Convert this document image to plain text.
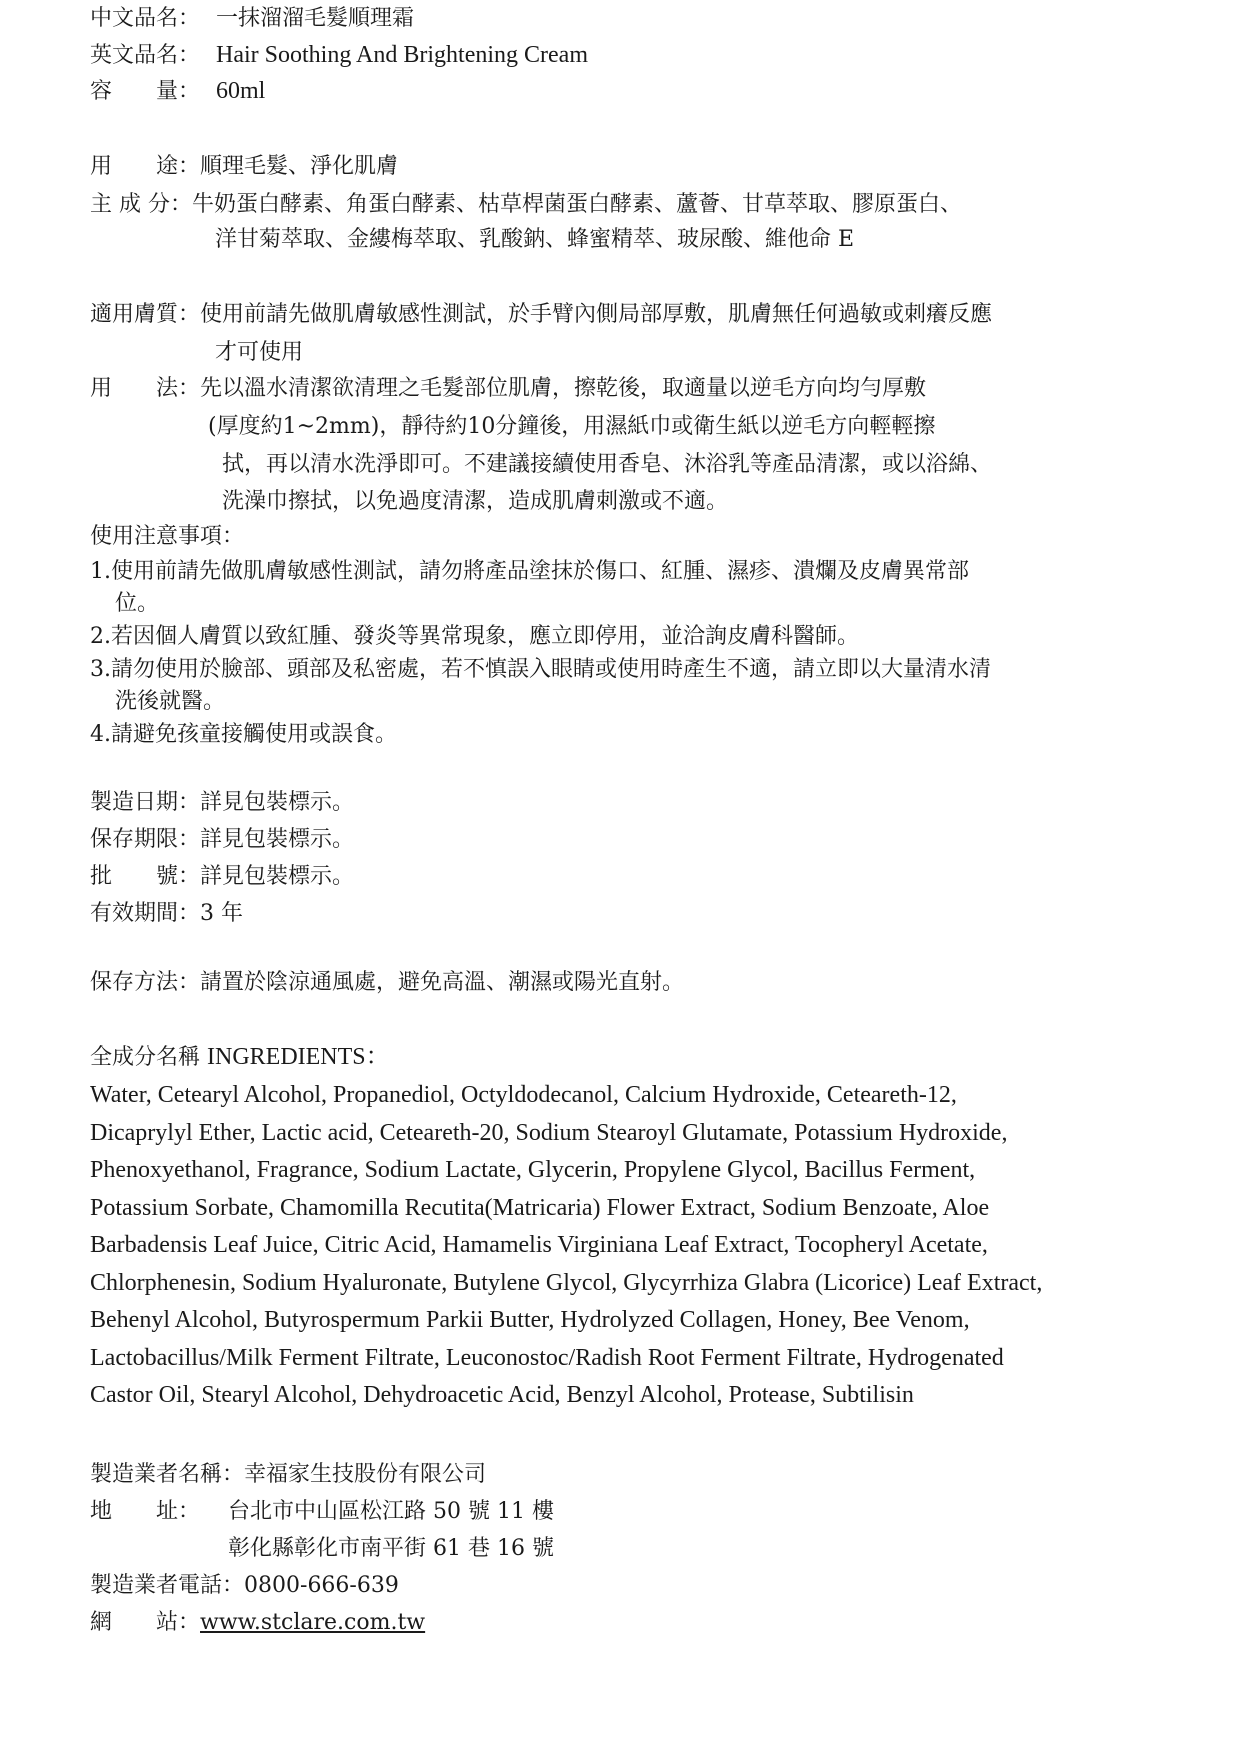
中文品名： 一抹溜溜毛髮順理霜
英文品名： Hair Soothing And Brightening Cream
容　　量： 60ml
用　　途：順理毛髮、淨化肌膚
主 成 分：牛奶蛋白酵素、角蛋白酵素、枯草桿菌蛋白酵素、蘆薈、甘草萃取、膠原蛋白、
洋甘菊萃取、金縷梅萃取、乳酸鈉、蜂蜜精萃、玻尿酸、維他命 E
適用膚質：使用前請先做肌膚敏感性測試，於手臂內側局部厚敷，肌膚無任何過敏或刺癢反應
才可使用
用　　法：先以溫水清潔欲清理之毛髮部位肌膚，擦乾後，取適量以逆毛方向均勻厚敷
(厚度約1~2mm)，靜待約10分鐘後，用濕紙巾或衛生紙以逆毛方向輕輕擦
拭，再以清水洗淨即可。不建議接續使用香皂、沐浴乳等產品清潔，或以浴綿、
洗澡巾擦拭，以免過度清潔，造成肌膚刺激或不適。
使用注意事項：
1.使用前請先做肌膚敏感性測試，請勿將產品塗抹於傷口、紅腫、濕疹、潰爛及皮膚異常部
位。
2.若因個人膚質以致紅腫、發炎等異常現象，應立即停用，並洽詢皮膚科醫師。
3.請勿使用於臉部、頭部及私密處，若不慎誤入眼睛或使用時產生不適，請立即以大量清水清
洗後就醫。
4.請避免孩童接觸使用或誤食。
製造日期：詳見包裝標示。
保存期限：詳見包裝標示。
批　　號：詳見包裝標示。
有效期間：3 年
保存方法：請置於陰涼通風處，避免高溫、潮濕或陽光直射。
全成分名稱 INGREDIENTS：
Water, Cetearyl Alcohol, Propanediol, Octyldodecanol, Calcium Hydroxide, Ceteareth-12,
Dicaprylyl Ether, Lactic acid, Ceteareth-20, Sodium Stearoyl Glutamate, Potassium Hydroxide,
Phenoxyethanol, Fragrance, Sodium Lactate, Glycerin, Propylene Glycol, Bacillus Ferment,
Potassium Sorbate, Chamomilla Recutita(Matricaria) Flower Extract, Sodium Benzoate, Aloe
Barbadensis Leaf Juice, Citric Acid, Hamamelis Virginiana Leaf Extract, Tocopheryl Acetate,
Chlorphenesin, Sodium Hyaluronate, Butylene Glycol, Glycyrrhiza Glabra (Licorice) Leaf Extract,
Behenyl Alcohol, Butyrospermum Parkii Butter, Hydrolyzed Collagen, Honey, Bee Venom,
Lactobacillus/Milk Ferment Filtrate, Leuconostoc/Radish Root Ferment Filtrate, Hydrogenated
Castor Oil, Stearyl Alcohol, Dehydroacetic Acid, Benzyl Alcohol, Protease, Subtilisin
製造業者名稱：幸福家生技股份有限公司
地　　址： 台北市中山區松江路 50 號 11 樓
彰化縣彰化市南平街 61 巷 16 號
製造業者電話：0800-666-639
網　　站：www.stclare.com.tw
